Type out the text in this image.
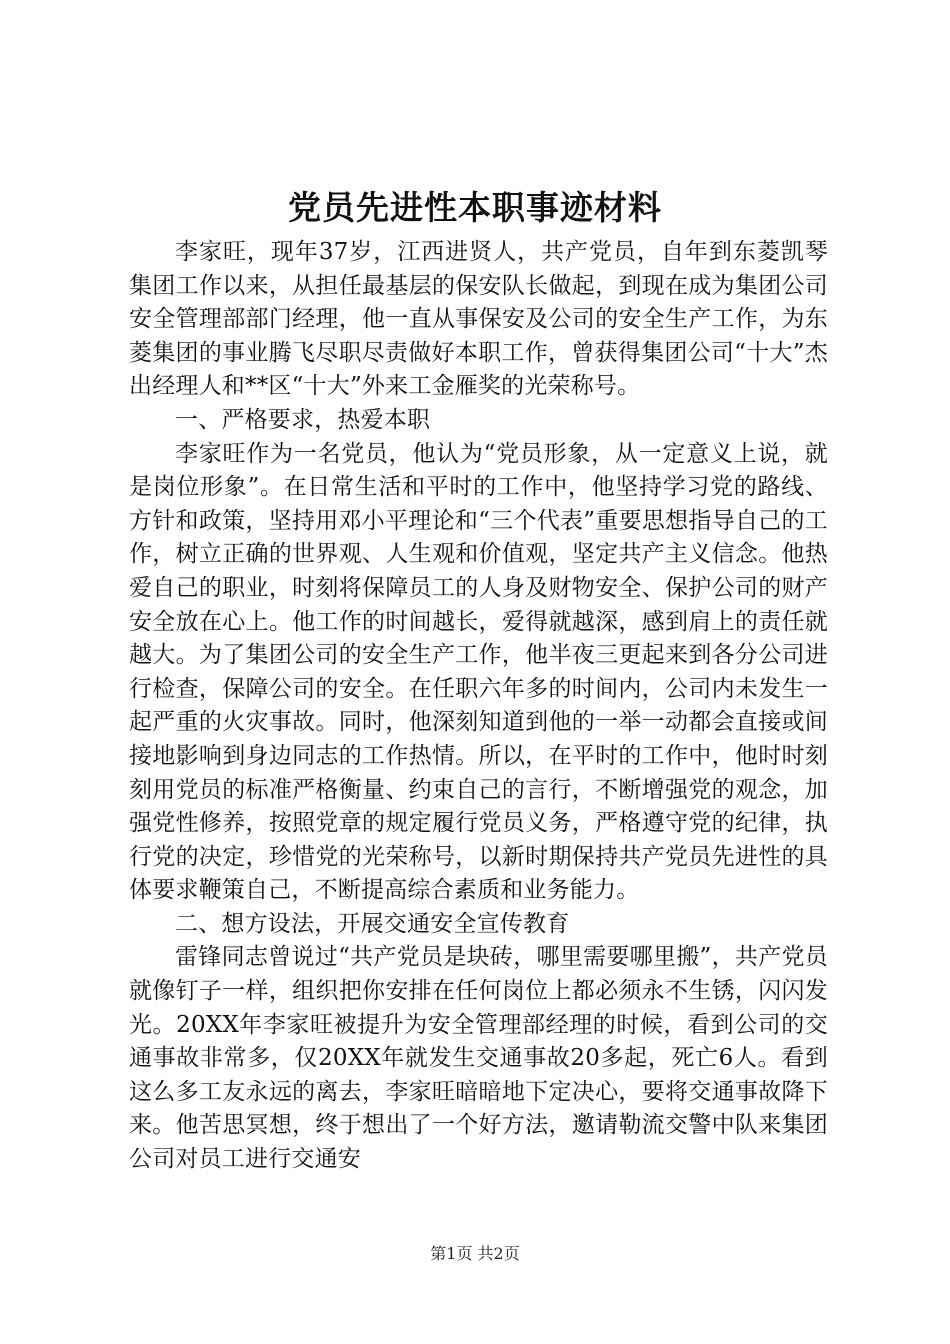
党员先进性本职事迹材料

李家旺，现年37岁，江西进贤人，共产党员，自年到东菱凯琴集团工作以来，从担任最基层的保安队长做起，到现在成为集团公司安全管理部部门经理，他一直从事保安及公司的安全生产工作，为东菱集团的事业腾飞尽职尽责做好本职工作，曾获得集团公司“十大”杰出经理人和**区“十大”外来工金雁奖的光荣称号。

一、严格要求，热爱本职

李家旺作为一名党员，他认为“党员形象，从一定意义上说，就是岗位形象”。在日常生活和平时的工作中，他坚持学习党的路线、方针和政策，坚持用邓小平理论和“三个代表”重要思想指导自己的工作，树立正确的世界观、人生观和价值观，坚定共产主义信念。他热爱自己的职业，时刻将保障员工的人身及财物安全、保护公司的财产安全放在心上。他工作的时间越长，爱得就越深，感到肩上的责任就越大。为了集团公司的安全生产工作，他半夜三更起来到各分公司进行检查，保障公司的安全。在任职六年多的时间内，公司内未发生一起严重的火灾事故。同时，他深刻知道到他的一举一动都会直接或间接地影响到身边同志的工作热情。所以，在平时的工作中，他时时刻刻用党员的标准严格衡量、约束自己的言行，不断增强党的观念，加强党性修养，按照党章的规定履行党员义务，严格遵守党的纪律，执行党的决定，珍惜党的光荣称号，以新时期保持共产党员先进性的具体要求鞭策自己，不断提高综合素质和业务能力。

二、想方设法，开展交通安全宣传教育

雷锋同志曾说过“共产党员是块砖，哪里需要哪里搬”，共产党员就像钉子一样，组织把你安排在任何岗位上都必须永不生锈，闪闪发光。20XX年李家旺被提升为安全管理部经理的时候，看到公司的交通事故非常多，仅20XX年就发生交通事故20多起，死亡6人。看到这么多工友永远的离去，李家旺暗暗地下定决心，要将交通事故降下来。他苦思冥想，终于想出了一个好方法，邀请勒流交警中队来集团公司对员工进行交通安

第1页 共2页
